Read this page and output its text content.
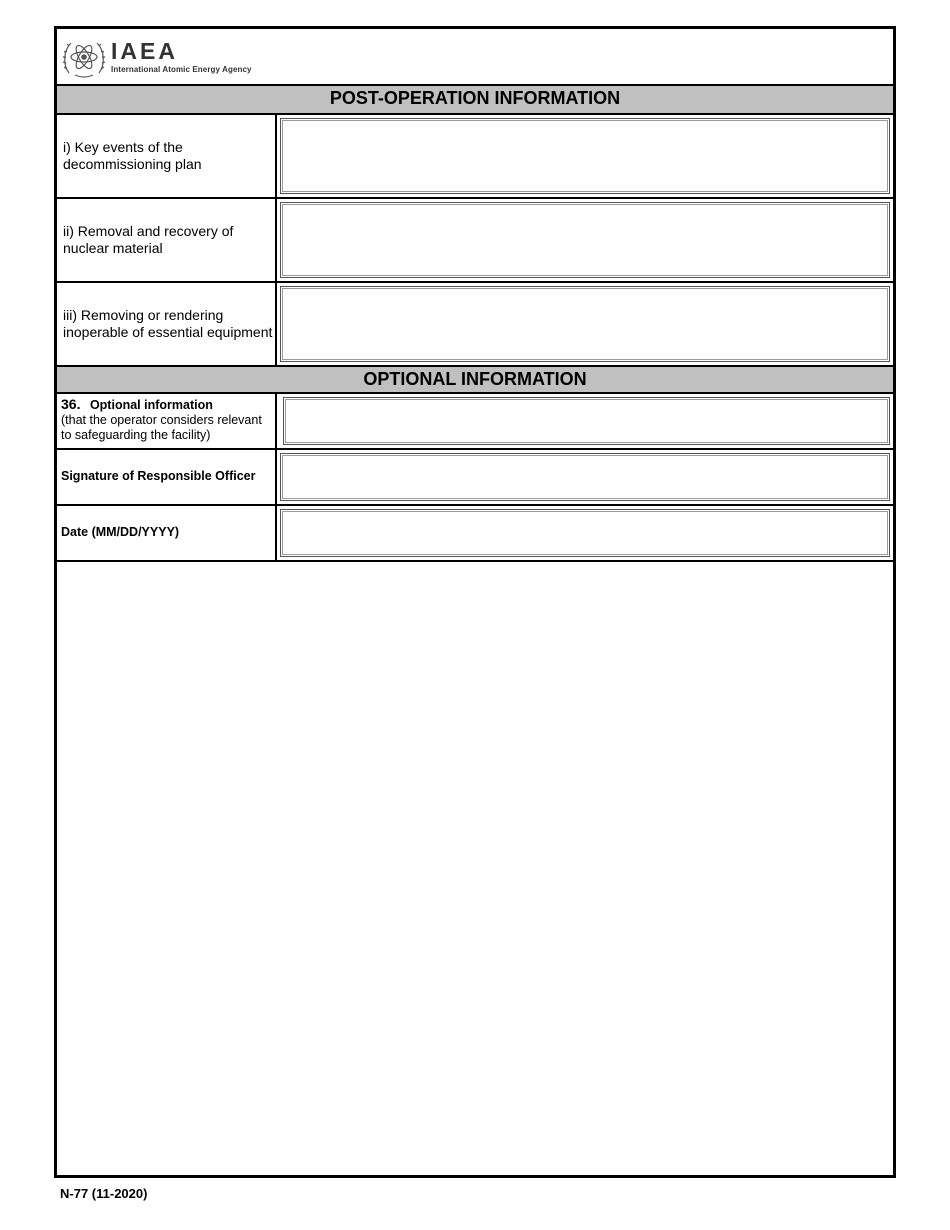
IAEA
International Atomic Energy Agency
POST-OPERATION INFORMATION
i) Key events of the decommissioning plan
ii) Removal and recovery of nuclear material
iii) Removing or rendering inoperable of essential equipment
OPTIONAL INFORMATION
36. Optional information
(that the operator considers relevant to safeguarding the facility)
Signature of Responsible Officer
Date (MM/DD/YYYY)
N-77 (11-2020)
